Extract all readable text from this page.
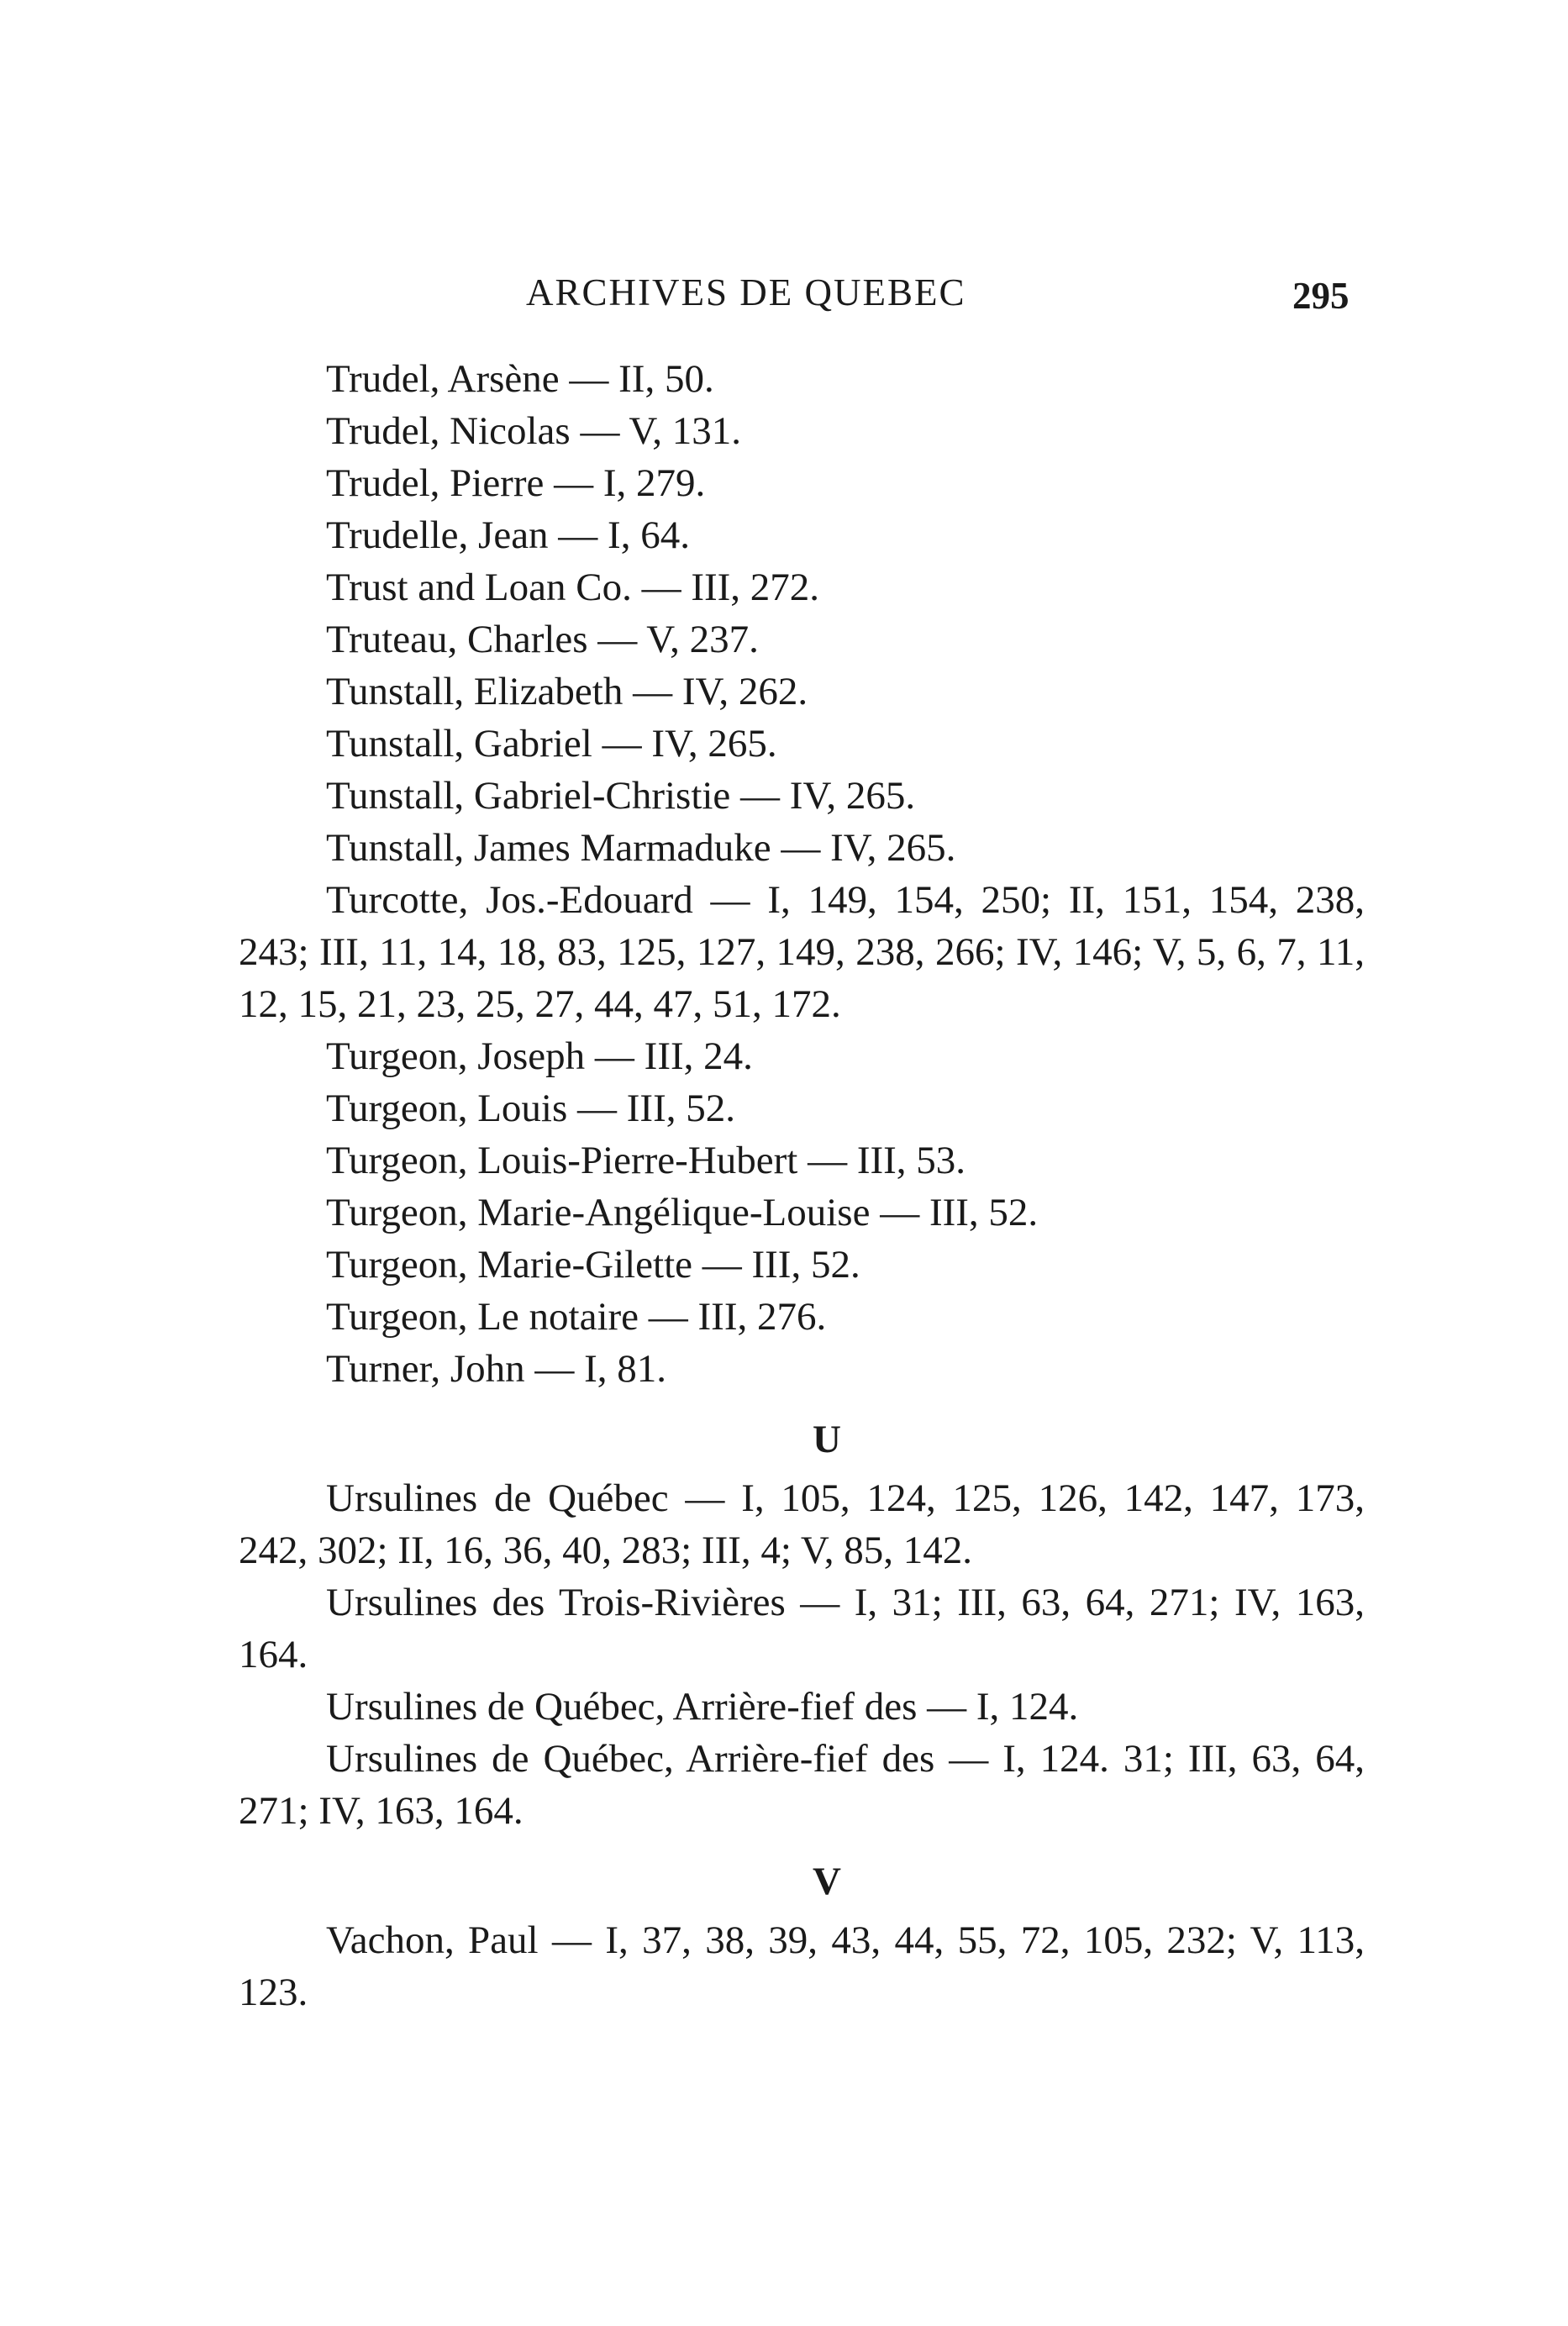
ARCHIVES DE QUEBEC	295

Trudel, Arsène — II, 50.

Trudel, Nicolas — V, 131.

Trudel, Pierre — I, 279.

Trudelle, Jean — I, 64.

Trust and Loan Co. — III, 272.

Truteau, Charles — V, 237.

Tunstall, Elizabeth — IV, 262.

Tunstall, Gabriel — IV, 265.

Tunstall, Gabriel-Christie — IV, 265.

Tunstall, James Marmaduke — IV, 265.

Turcotte, Jos.-Edouard — I, 149, 154, 250; II, 151, 154, 238, 243; III, 11, 14, 18, 83, 125, 127, 149, 238, 266; IV, 146; V, 5, 6, 7, 11, 12, 15, 21, 23, 25, 27, 44, 47, 51, 172.

Turgeon, Joseph — III, 24.

Turgeon, Louis — III, 52.

Turgeon, Louis-Pierre-Hubert — III, 53.

Turgeon, Marie-Angélique-Louise — III, 52.

Turgeon, Marie-Gilette — III, 52.

Turgeon, Le notaire — III, 276.

Turner, John — I, 81.

U

Ursulines de Québec — I, 105, 124, 125, 126, 142, 147, 173, 242, 302; II, 16, 36, 40, 283; III, 4; V, 85, 142.

Ursulines des Trois-Rivières — I, 31; III, 63, 64, 271; IV, 163, 164.

Ursulines de Québec, Arrière-fief des — I, 124.

Ursulines de Québec, Arrière-fief des — I, 124. 31; III, 63, 64, 271; IV, 163, 164.

V

Vachon, Paul — I, 37, 38, 39, 43, 44, 55, 72, 105, 232; V, 113, 123.
